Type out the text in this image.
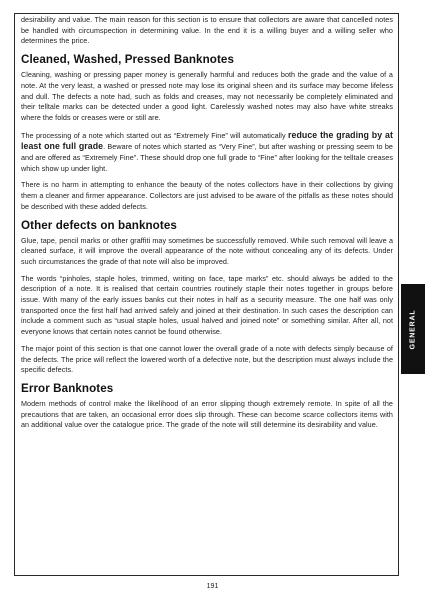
desirability and value. The main reason for this section is to ensure that collectors are aware that cancelled notes be handled with circumspection in determining value. In the end it is a willing buyer and a willing seller who determines the price.

Cleaned, Washed, Pressed Banknotes

Cleaning, washing or pressing paper money is generally harmful and reduces both the grade and the value of a note. At the very least, a washed or pressed note may lose its original sheen and its surface may become lifeless and dull. The defects a note had, such as folds and creases, may not necessarily be completely eliminated and their telltale marks can be detected under a good light. Carelessly washed notes may also have white streaks where the folds or creases were or still are.

The processing of a note which started out as “Extremely Fine” will automatically reduce the grading by at least one full grade. Beware of notes which started as “Very Fine”, but after washing or pressing seem to be and are offered as “Extremely Fine”. These should drop one full grade to “Fine” after looking for the telltale creases which show up under light.

There is no harm in attempting to enhance the beauty of the notes collectors have in their collections by giving them a cleaner and firmer appearance. Collectors are just advised to be aware of the pitfalls as these notes should be described with these added defects.

Other defects on banknotes

Glue, tape, pencil marks or other graffiti may sometimes be successfully removed. While such removal will leave a cleaned surface, it will improve the overall appearance of the note without concealing any of its defects. Under such circumstances the grade of that note will also be improved.

The words “pinholes, staple holes, trimmed, writing on face, tape marks” etc. should always be added to the description of a note. It is realised that certain countries routinely staple their notes together in groups before issue. With many of the early issues banks cut their notes in half as a security measure. The one half was only transported once the first half had arrived safely and joined at their destination. In such cases the description can include a comment such as “usual staple holes, usual halved and joined note” or something similar. After all, not everyone knows that certain notes cannot be found otherwise.

The major point of this section is that one cannot lower the overall grade of a note with defects simply because of the defects. The price will reflect the lowered worth of a defective note, but the description must always include the specific defects.

Error Banknotes

Modern methods of control make the likelihood of an error slipping though extremely remote. In spite of all the precautions that are taken, an occasional error does slip through. These can become scarce collectors items with an additional value over the catalogue price. The grade of the note will still determine its desirability and value.

GENERAL
191
